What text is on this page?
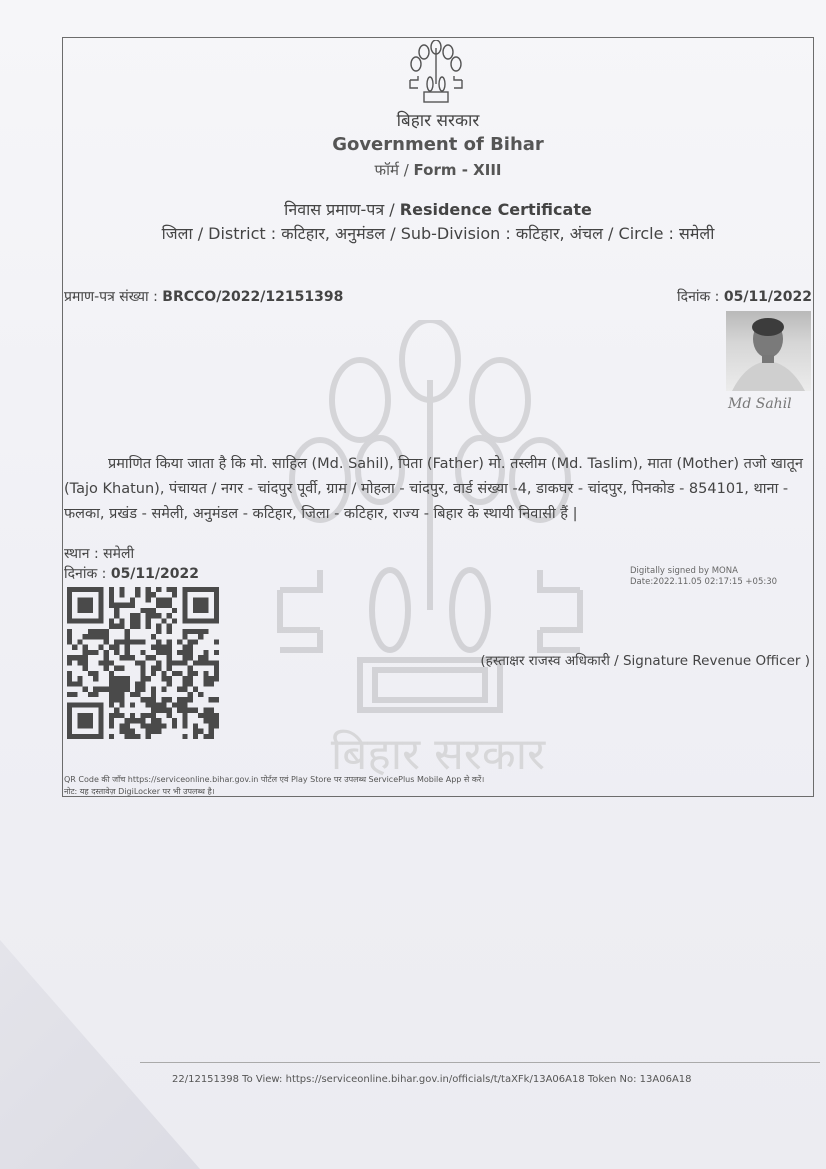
बिहार सरकार
बिहार सरकार
Government of Bihar
फॉर्म / Form - XIII
निवास प्रमाण-पत्र / Residence Certificate
जिला / District : कटिहार, अनुमंडल / Sub-Division : कटिहार, अंचल / Circle : समेली
प्रमाण-पत्र संख्या : BRCCO/2022/12151398	दिनांक : 05/11/2022
Md Sahil
प्रमाणित किया जाता है कि मो. साहिल (Md. Sahil), पिता (Father) मो. तस्लीम (Md. Taslim), माता (Mother) तजो खातून (Tajo Khatun), पंचायत / नगर - चांदपुर पूर्वी, ग्राम / मोहला - चांदपुर, वार्ड संख्या -4, डाकघर - चांदपुर, पिनकोड - 854101, थाना - फलका, प्रखंड - समेली, अनुमंडल - कटिहार, जिला - कटिहार, राज्य - बिहार के स्थायी निवासी हैं |
स्थान : समेली
दिनांक : 05/11/2022	Digitally signed by MONA
Date:2022.11.05 02:17:15 +05:30
(हस्ताक्षर राजस्व अधिकारी / Signature Revenue Officer )
QR Code की जाँच https://serviceonline.bihar.gov.in पोर्टल एवं Play Store पर उपलब्ध ServicePlus Mobile App से करें।
नोट: यह दस्तावेज़ DigiLocker पर भी उपलब्ध है।
22/12151398 To View: https://serviceonline.bihar.gov.in/officials/t/taXFk/13A06A18 Token No: 13A06A18
